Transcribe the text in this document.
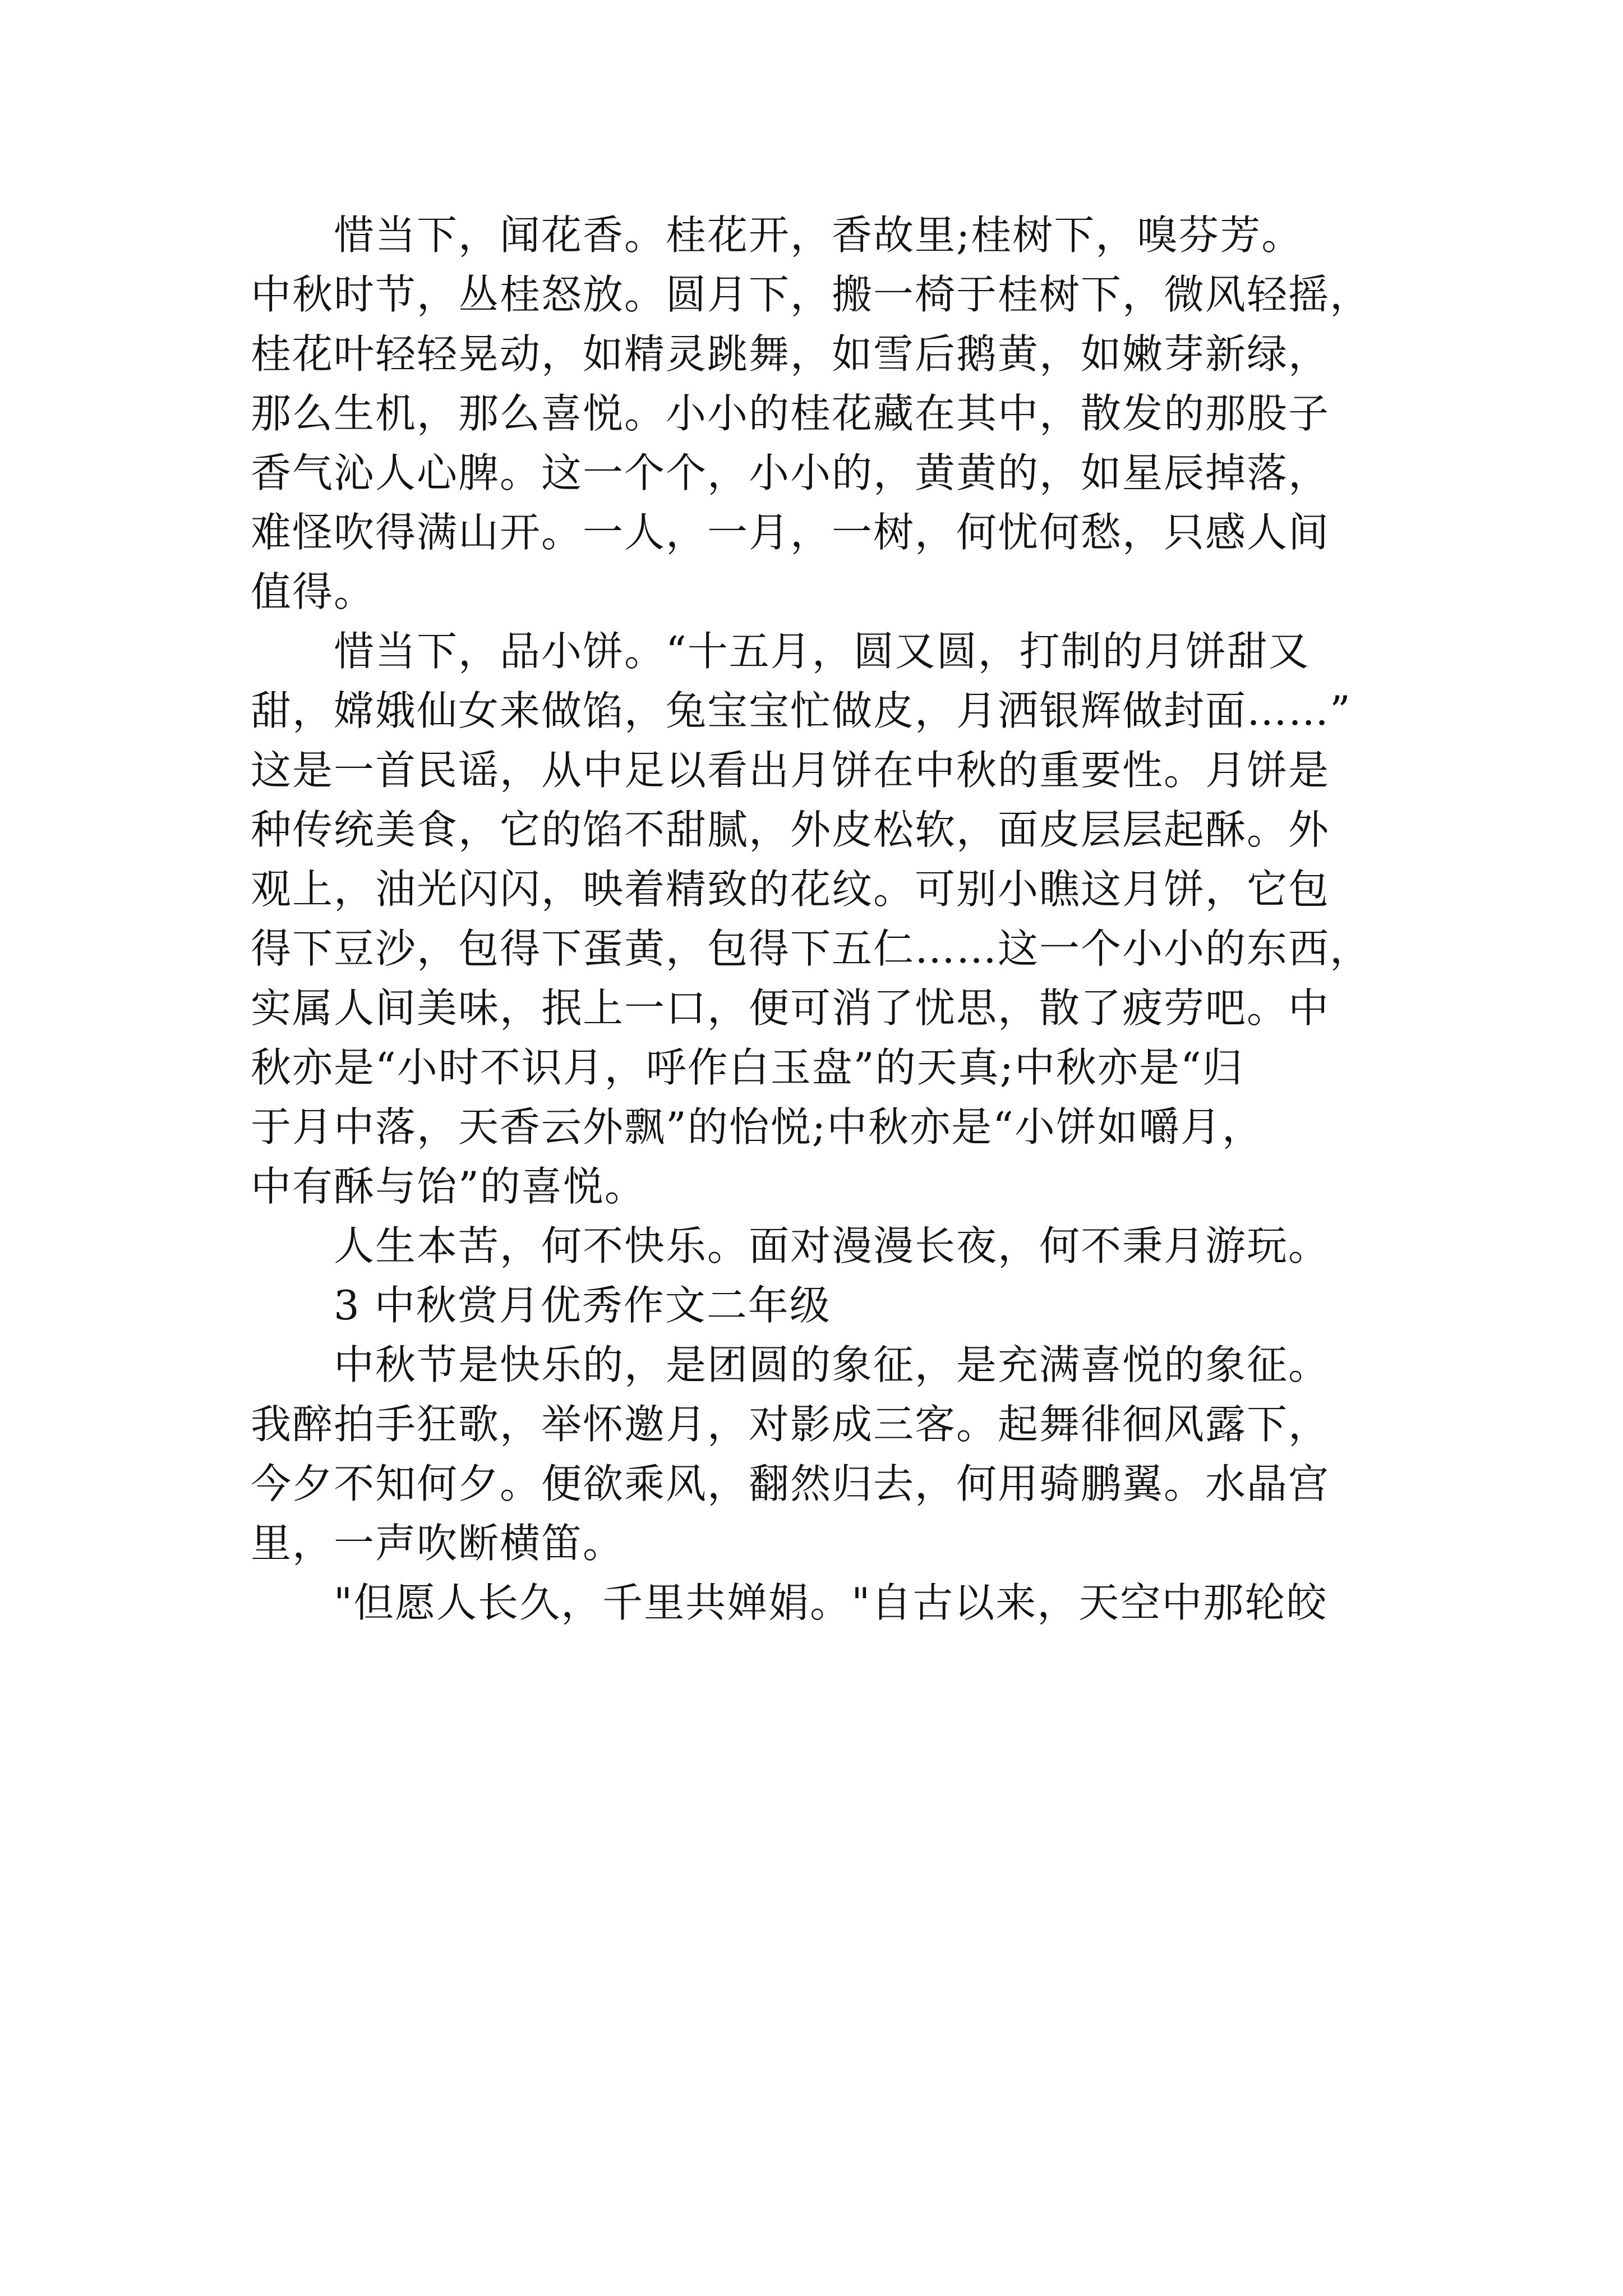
惜当下，闻花香。桂花开，香故里;桂树下，嗅芬芳。
中秋时节，丛桂怒放。圆月下，搬一椅于桂树下，微风轻摇，
桂花叶轻轻晃动，如精灵跳舞，如雪后鹅黄，如嫩芽新绿，
那么生机，那么喜悦。小小的桂花藏在其中，散发的那股子
香气沁人心脾。这一个个，小小的，黄黄的，如星辰掉落，
难怪吹得满山开。一人，一月，一树，何忧何愁，只感人间
值得。
惜当下，品小饼。“十五月，圆又圆，打制的月饼甜又
甜，嫦娥仙女来做馅，兔宝宝忙做皮，月洒银辉做封面……”
这是一首民谣，从中足以看出月饼在中秋的重要性。月饼是
种传统美食，它的馅不甜腻，外皮松软，面皮层层起酥。外
观上，油光闪闪，映着精致的花纹。可别小瞧这月饼，它包
得下豆沙，包得下蛋黄，包得下五仁……这一个小小的东西，
实属人间美味，抿上一口，便可消了忧思，散了疲劳吧。中
秋亦是“小时不识月，呼作白玉盘”的天真;中秋亦是“归
于月中落，天香云外飘”的怡悦;中秋亦是“小饼如嚼月，
中有酥与饴”的喜悦。
人生本苦，何不快乐。面对漫漫长夜，何不秉月游玩。
3 中秋赏月优秀作文二年级
中秋节是快乐的，是团圆的象征，是充满喜悦的象征。
我醉拍手狂歌，举怀邀月，对影成三客。起舞徘徊风露下，
今夕不知何夕。便欲乘风，翻然归去，何用骑鹏翼。水晶宫
里，一声吹断横笛。
"但愿人长久，千里共婵娟。"自古以来，天空中那轮皎
